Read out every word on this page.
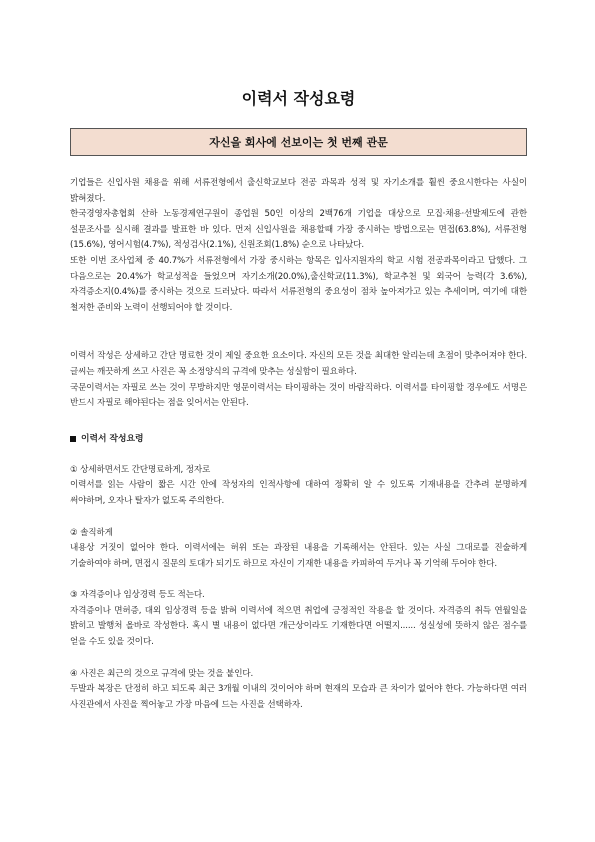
이력서 작성요령
자신을 회사에 선보이는 첫 번째 관문

기업들은 신입사원 채용을 위해 서류전형에서 출신학교보다 전공 과목과 성적 및 자기소개를 훨씬 중요시한다는 사실이 밝혀졌다.

한국경영자총협회 산하 노동경제연구원이 종업원 50인 이상의 2백76개 기업을 대상으로 모집·채용·선발제도에 관한 설문조사를 실시해 결과를 발표한 바 있다. 먼저 신입사원을 채용할때 가장 중시하는 방법으로는 면접(63.8%), 서류전형(15.6%), 영어시험(4.7%), 적성검사(2.1%), 신원조회(1.8%) 순으로 나타났다.

또한 이번 조사업체 중 40.7%가 서류전형에서 가장 중시하는 항목은 입사지원자의 학교 시험 전공과목이라고 답했다. 그 다음으로는 20.4%가 학교성적을 들었으며 자기소개(20.0%),출신학교(11.3%), 학교추천 및 외국어 능력(각 3.6%), 자격증소지(0.4%)를 중시하는 것으로 드러났다. 따라서 서류전형의 중요성이 점차 높아져가고 있는 추세이며, 여기에 대한 철저한 준비와 노력이 선행되어야 할 것이다.

이력서 작성은 상세하고 간단 명료한 것이 제일 중요한 요소이다. 자신의 모든 것을 최대한 알리는데 초점이 맞추어져야 한다. 글씨는 깨끗하게 쓰고 사진은 꼭 소정양식의 규격에 맞추는 성실함이 필요하다.

국문이력서는 자필로 쓰는 것이 무방하지만 영문이력서는 타이핑하는 것이 바람직하다. 이력서를 타이핑할 경우에도 서명은 반드시 자필로 해야된다는 점을 잊어서는 안된다.

이력서 작성요령

① 상세하면서도 간단명료하게, 정자로

이력서를 읽는 사람이 짧은 시간 안에 작성자의 인적사항에 대하여 정확히 알 수 있도록 기재내용을 간추려 분명하게 써야하며, 오자나 탈자가 없도록 주의한다.

② 솔직하게

내용상 거짓이 없어야 한다. 이력서에는 허위 또는 과장된 내용을 기록해서는 안된다. 있는 사실 그대로를 진술하게 기술하여야 하며, 면접시 질문의 토대가 되기도 하므로 자신이 기재한 내용을 카피하여 두거나 꼭 기억해 두어야 한다.

③ 자격증이나 임상경력 등도 적는다.

자격증이나 면허증, 대외 임상경력 등을 밝혀 이력서에 적으면 취업에 긍정적인 작용을 할 것이다. 자격증의 취득 연월일을 밝히고 발행처 올바로 작성한다. 혹시 별 내용이 없다면 개근상이라도 기재한다면 어떨지...... 성실성에 뜻하지 않은 점수를 얻을 수도 있을 것이다.

④ 사진은 최근의 것으로 규격에 맞는 것을 붙인다.

두발과 복장은 단정히 하고 되도록 최근 3개월 이내의 것이어야 하며 현재의 모습과 큰 차이가 없어야 한다. 가능하다면 여러 사진관에서 사진을 찍어놓고 가장 마음에 드는 사진을 선택하자.
